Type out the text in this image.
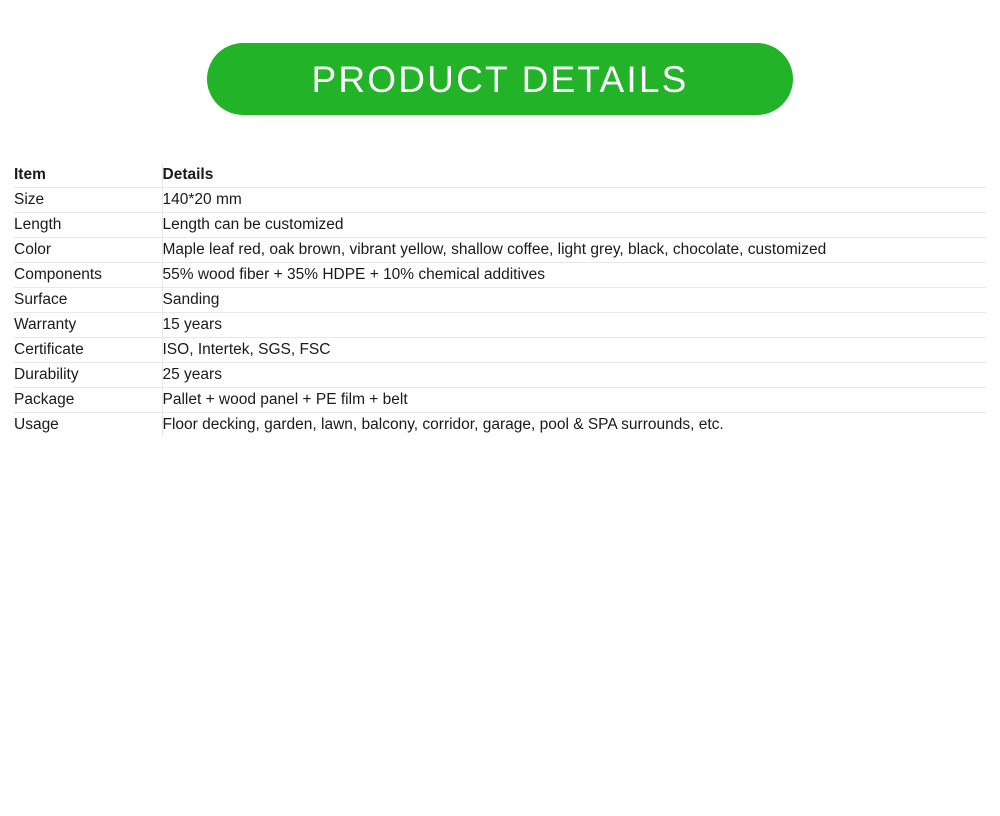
PRODUCT DETAILS
Item	Details
Size	140*20 mm
Length	Length can be customized
Color	Maple leaf red, oak brown, vibrant yellow, shallow coffee, light grey, black, chocolate, customized
Components	55% wood fiber + 35% HDPE + 10% chemical additives
Surface	Sanding
Warranty	15 years
Certificate	ISO, Intertek, SGS, FSC
Durability	25 years
Package	Pallet + wood panel + PE film + belt
Usage	Floor decking, garden, lawn, balcony, corridor, garage, pool & SPA surrounds, etc.
